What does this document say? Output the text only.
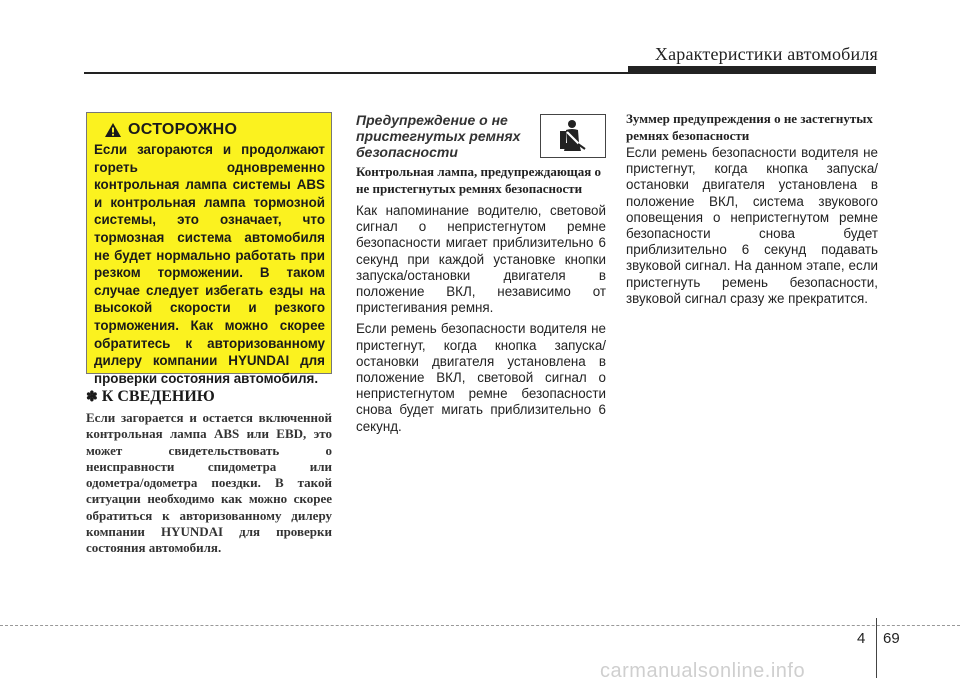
Характеристики автомобиля
ОСТОРОЖНО
Если загораются и продолжают гореть одновременно контрольная лампа системы ABS и контрольная лампа тормозной системы, это означает, что тормозная система автомобиля не будет нормально работать при резком торможении. В таком случае следует избегать езды на высокой скорости и резкого торможения. Как можно скорее обратитесь к авторизованному дилеру компании HYUNDAI для проверки состояния автомобиля.
✽ К СВЕДЕНИЮ
Если загорается и остается включенной контрольная лампа ABS или EBD, это может свидетельствовать о неисправности спидометра или одометра/одометра поездки. В такой ситуации необходимо как можно скорее обратиться к авторизованному дилеру компании HYUNDAI для проверки состояния автомобиля.
Предупреждение о не пристегнутых ремнях безопасности
Контрольная лампа, предупреждающая о не пристегнутых ремнях безопасности
Как напоминание водителю, световой сигнал о непристегнутом ремне безопасности мигает приблизительно 6 секунд при каждой установке кнопки запуска/остановки двигателя в положение ВКЛ, независимо от пристегивания ремня.
Если ремень безопасности водителя не пристегнут, когда кнопка запуска/остановки двигателя установлена в положение ВКЛ, световой сигнал о непристегнутом ремне безопасности снова будет мигать приблизительно 6 секунд.
Зуммер предупреждения о не застегнутых ремнях безопасности
Если ремень безопасности водителя не пристегнут, когда кнопка запуска/остановки двигателя установлена в положение ВКЛ, система звукового оповещения о непристегнутом ремне безопасности снова будет приблизительно 6 секунд подавать звуковой сигнал. На данном этапе, если пристегнуть ремень безопасности, звуковой сигнал сразу же прекратится.
4 69
carmanualsonline.info
